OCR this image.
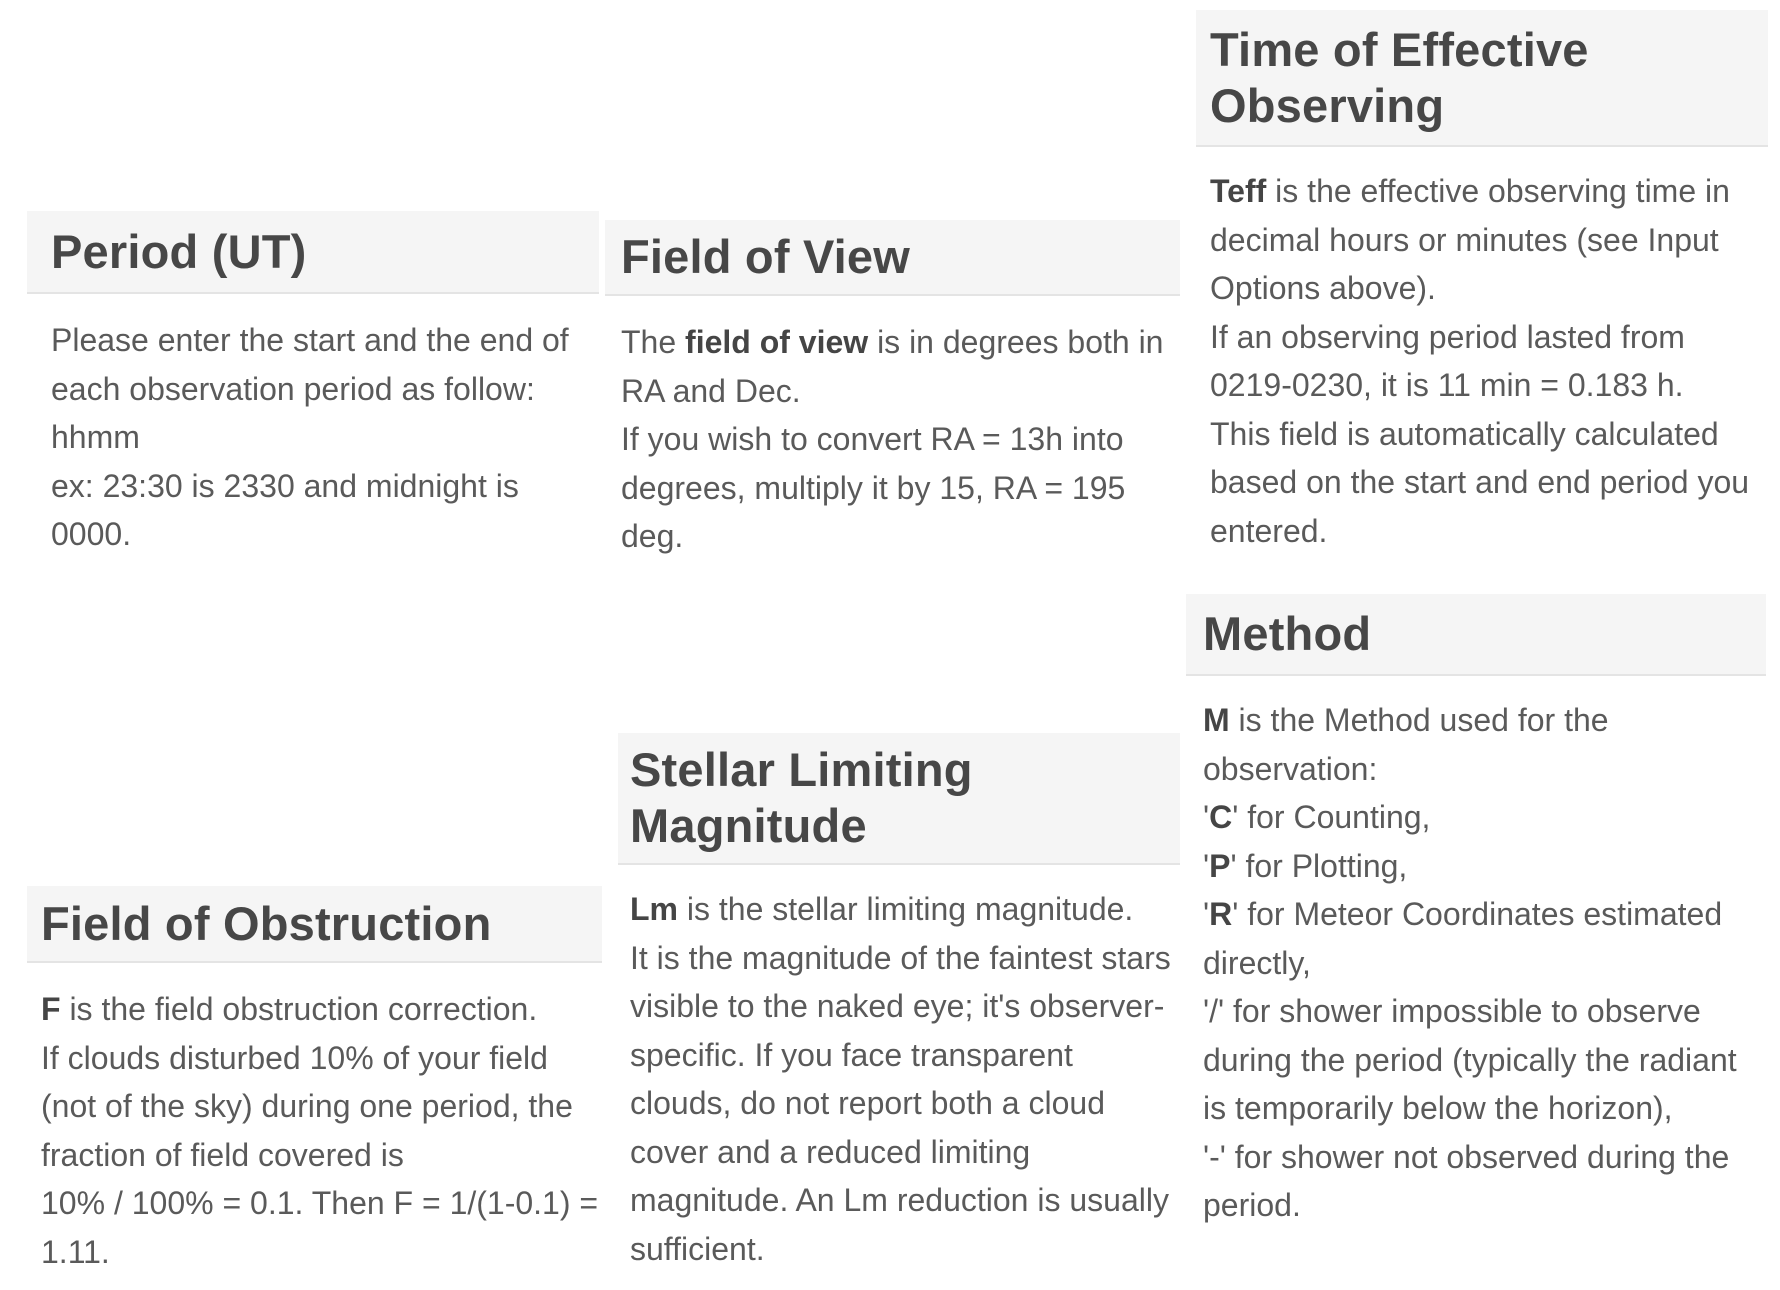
Period (UT)

Please enter the start and the end of each observation period as follow: hhmm

ex: 23:30 is 2330 and midnight is 0000.

Field of View

The field of view is in degrees both in RA and Dec.

If you wish to convert RA = 13h into degrees, multiply it by 15, RA = 195 deg.

Time of Effective Observing

Teff is the effective observing time in decimal hours or minutes (see Input Options above).

If an observing period lasted from 0219-0230, it is 11 min = 0.183 h.

This field is automatically calculated based on the start and end period you entered.

Method

M is the Method used for the observation:

'C' for Counting,

'P' for Plotting,

'R' for Meteor Coordinates estimated directly,

'/' for shower impossible to observe during the period (typically the radiant is temporarily below the horizon),

'-' for shower not observed during the period.

Stellar Limiting Magnitude

Lm is the stellar limiting magnitude.

It is the magnitude of the faintest stars visible to the naked eye; it's observer-specific. If you face transparent clouds, do not report both a cloud cover and a reduced limiting magnitude. An Lm reduction is usually sufficient.

Field of Obstruction

F is the field obstruction correction.

If clouds disturbed 10% of your field (not of the sky) during one period, the fraction of field covered is

10% / 100% = 0.1. Then F = 1/(1-0.1) = 1.11.
